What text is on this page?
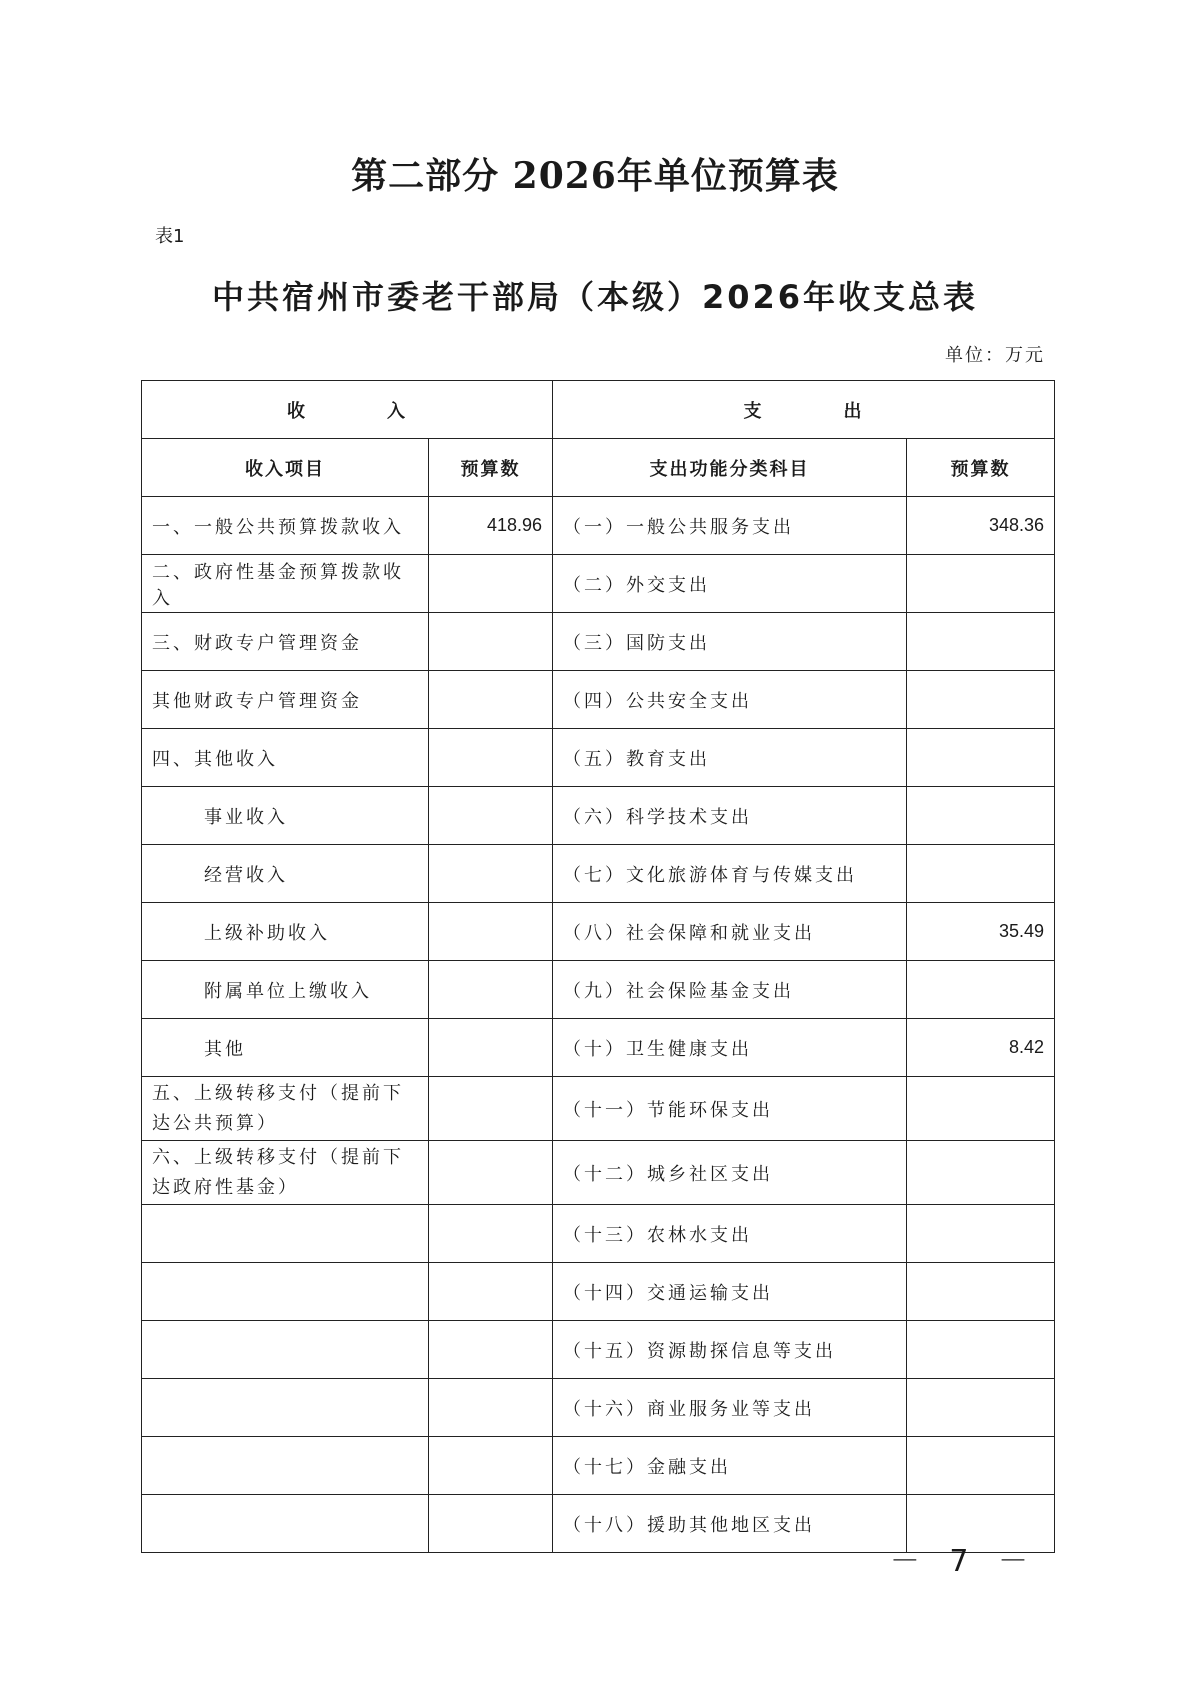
第二部分 2026年单位预算表
表1
中共宿州市委老干部局（本级）2026年收支总表
单位：万元
收　　　　入		支　　　　出	
收入项目	预算数	支出功能分类科目	预算数
一、一般公共预算拨款收入	418.96	（一）一般公共服务支出	348.36
二、政府性基金预算拨款收入		（二）外交支出	
三、财政专户管理资金		（三）国防支出	
其他财政专户管理资金		（四）公共安全支出	
四、其他收入		（五）教育支出	
事业收入		（六）科学技术支出	
经营收入		（七）文化旅游体育与传媒支出	
上级补助收入		（八）社会保障和就业支出	35.49
附属单位上缴收入		（九）社会保险基金支出	
其他		（十）卫生健康支出	8.42
五、上级转移支付（提前下达公共预算）		（十一）节能环保支出	
六、上级转移支付（提前下达政府性基金）		（十二）城乡社区支出	
		（十三）农林水支出	
		（十四）交通运输支出	
		（十五）资源勘探信息等支出	
		（十六）商业服务业等支出	
		（十七）金融支出	
		（十八）援助其他地区支出	
－ 7 －
